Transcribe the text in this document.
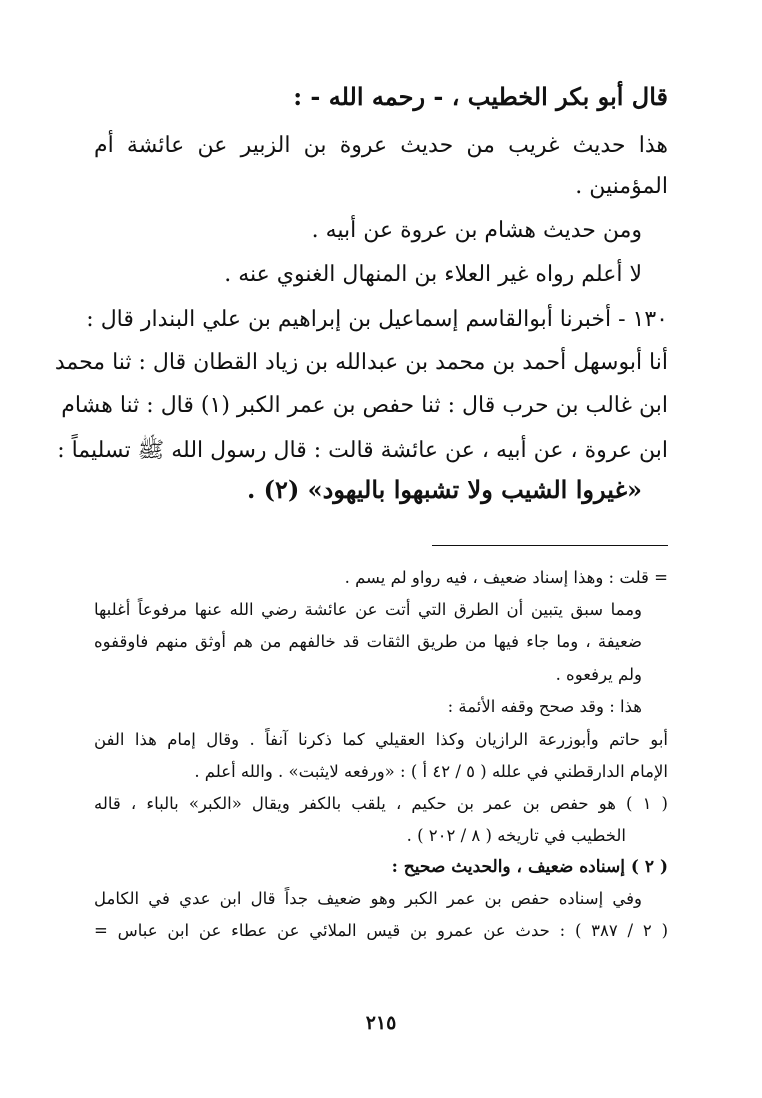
قال أبو بكر الخطيب ، - رحمه الله - :
هذا حديث غريب من حديث عروة بن الزبير عن عائشة أم
المؤمنين .
ومن حديث هشام بن عروة عن أبيه .
لا أعلم رواه غير العلاء بن المنهال الغنوي عنه .
١٣٠ - أخبرنا أبوالقاسم إسماعيل بن إبراهيم بن علي البندار قال :
أنا أبوسهل أحمد بن محمد بن عبدالله بن زياد القطان قال : ثنا محمد
ابن غالب بن حرب قال : ثنا حفص بن عمر الكبر (١) قال : ثنا هشام
ابن عروة ، عن أبيه ، عن عائشة قالت : قال رسول الله ﷺ تسليماً :
«غيروا الشيب ولا تشبهوا باليهود» (٢) .
= قلت : وهذا إسناد ضعيف ، فيه رواو لم يسم .
ومما سبق يتبين أن الطرق التي أتت عن عائشة رضي الله عنها مرفوعاً أغلبها
ضعيفة ، وما جاء فيها من طريق الثقات قد خالفهم من هم أوثق منهم فاوقفوه
ولم يرفعوه .
هذا : وقد صحح وقفه الأئمة :
أبو حاتم وأبوزرعة الرازيان وكذا العقيلي كما ذكرنا آنفاً . وقال إمام هذا الفن
الإمام الدارقطني في علله ( ٥ / ٤٢ أ ) : «ورفعه لايثبت» . والله أعلم .
( ١ ) هو حفص بن عمر بن حكيم ، يلقب بالكفر ويقال «الكبر» بالباء ، قاله
الخطيب في تاريخه ( ٨ / ٢٠٢ ) .
( ٢ ) إسناده ضعيف ، والحديث صحيح :
وفي إسناده حفص بن عمر الكبر وهو ضعيف جداً قال ابن عدي في الكامل
( ٢ / ٣٨٧ ) : حدث عن عمرو بن قيس الملائي عن عطاء عن ابن عباس =
٢١٥
